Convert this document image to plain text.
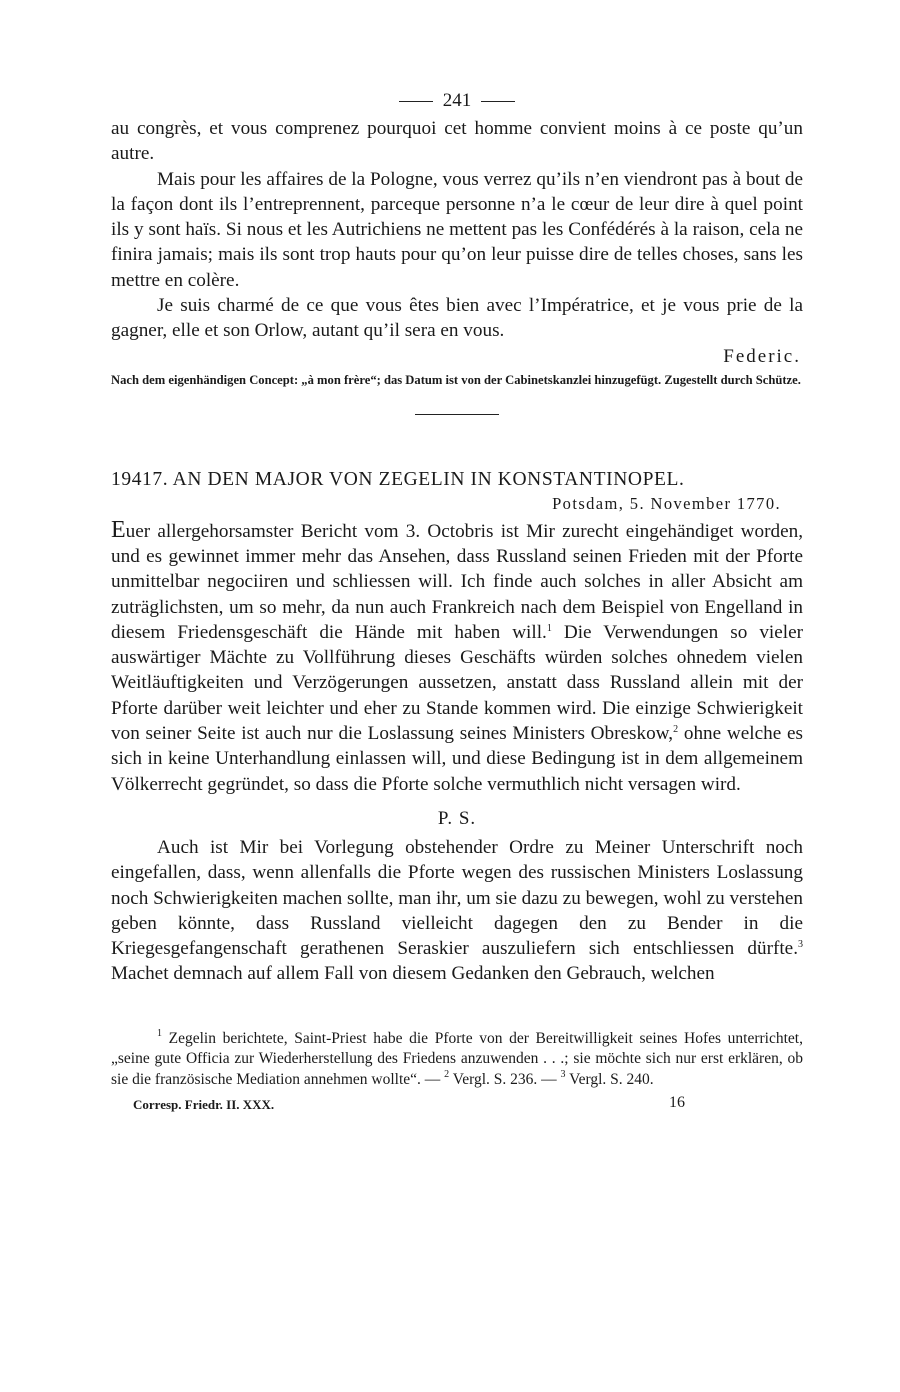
241

au congrès, et vous comprenez pourquoi cet homme convient moins à ce poste qu’un autre.

Mais pour les affaires de la Pologne, vous verrez qu’ils n’en viendront pas à bout de la façon dont ils l’entreprennent, parceque personne n’a le cœur de leur dire à quel point ils y sont haïs. Si nous et les Autrichiens ne mettent pas les Confédérés à la raison, cela ne finira jamais; mais ils sont trop hauts pour qu’on leur puisse dire de telles choses, sans les mettre en colère.

Je suis charmé de ce que vous êtes bien avec l’Impératrice, et je vous prie de la gagner, elle et son Orlow, autant qu’il sera en vous.

Federic.
Nach dem eigenhändigen Concept: „à mon frère“; das Datum ist von der Cabinetskanzlei hinzugefügt. Zugestellt durch Schütze.
19417. AN DEN MAJOR VON ZEGELIN IN KONSTANTINOPEL.
Potsdam, 5. November 1770.

Euer allergehorsamster Bericht vom 3. Octobris ist Mir zurecht eingehändiget worden, und es gewinnet immer mehr das Ansehen, dass Russland seinen Frieden mit der Pforte unmittelbar negociiren und schliessen will. Ich finde auch solches in aller Absicht am zuträglichsten, um so mehr, da nun auch Frankreich nach dem Beispiel von Engelland in diesem Friedensgeschäft die Hände mit haben will.$^1$ Die Verwendungen so vieler auswärtiger Mächte zu Vollführung dieses Geschäfts würden solches ohnedem vielen Weitläuftigkeiten und Verzögerungen aussetzen, anstatt dass Russland allein mit der Pforte darüber weit leichter und eher zu Stande kommen wird. Die einzige Schwierigkeit von seiner Seite ist auch nur die Loslassung seines Ministers Obreskow,$^2$ ohne welche es sich in keine Unterhandlung einlassen will, und diese Bedingung ist in dem allgemeinem Völkerrecht gegründet, so dass die Pforte solche vermuthlich nicht versagen wird.

P. S.

Auch ist Mir bei Vorlegung obstehender Ordre zu Meiner Unterschrift noch eingefallen, dass, wenn allenfalls die Pforte wegen des russischen Ministers Loslassung noch Schwierigkeiten machen sollte, man ihr, um sie dazu zu bewegen, wohl zu verstehen geben könnte, dass Russland vielleicht dagegen den zu Bender in die Kriegesgefangenschaft gerathenen Seraskier auszuliefern sich entschliessen dürfte.$^3$ Machet demnach auf allem Fall von diesem Gedanken den Gebrauch, welchen

$^1$ Zegelin berichtete, Saint-Priest habe die Pforte von der Bereitwilligkeit seines Hofes unterrichtet, „seine gute Officia zur Wiederherstellung des Friedens anzuwenden . . .; sie möchte sich nur erst erklären, ob sie die französische Mediation annehmen wollte“. — $^2$ Vergl. S. 236. — $^3$ Vergl. S. 240.
Corresp. Friedr. II. XXX.	16
